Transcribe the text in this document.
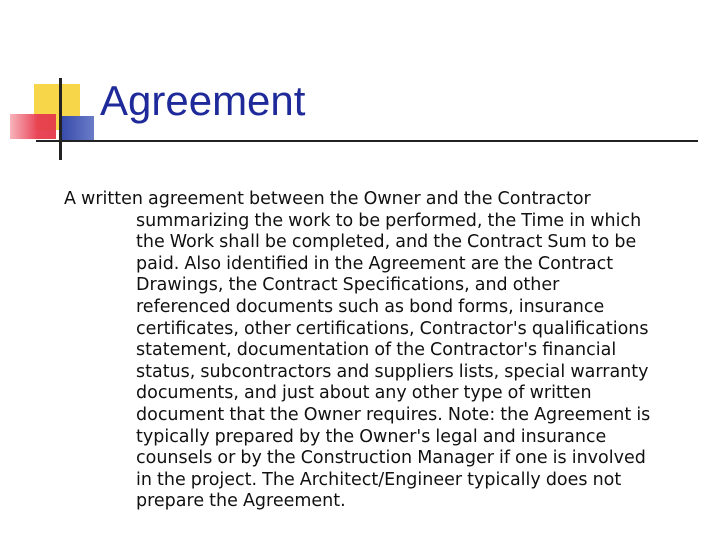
Agreement

A written agreement between the Owner and the Contractor summarizing the work to be performed, the Time in which the Work shall be completed, and the Contract Sum to be paid. Also identified in the Agreement are the Contract Drawings, the Contract Specifications, and other referenced documents such as bond forms, insurance certificates, other certifications, Contractor's qualifications statement, documentation of the Contractor's financial status, subcontractors and suppliers lists, special warranty documents, and just about any other type of written document that the Owner requires. Note: the Agreement is typically prepared by the Owner's legal and insurance counsels or by the Construction Manager if one is involved in the project. The Architect/Engineer typically does not prepare the Agreement.
